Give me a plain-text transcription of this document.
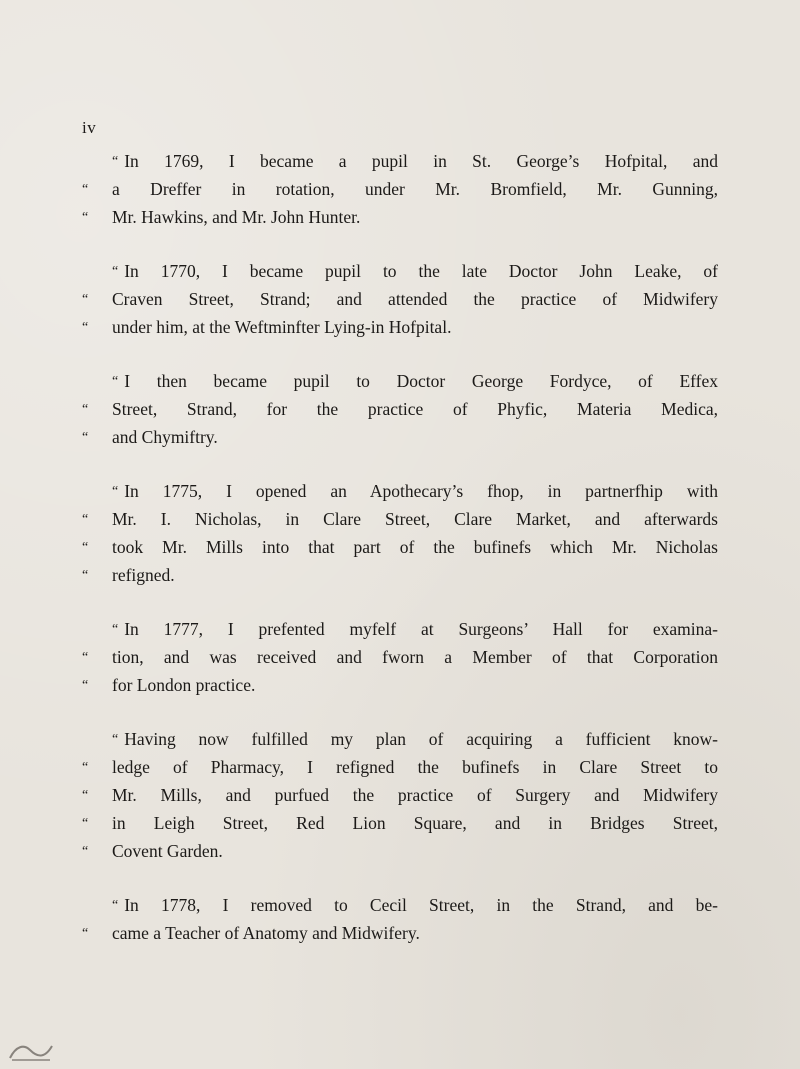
iv
“ In 1769, I became a pupil in St. George’s Hofpital, and
“	a Dreffer in rotation, under Mr. Bromfield, Mr. Gunning,
“	Mr. Hawkins, and Mr. John Hunter.
“ In 1770, I became pupil to the late Doctor John Leake, of
“	Craven Street, Strand; and attended the practice of Midwifery
“	under him, at the Weftminfter Lying-in Hofpital.
“ I then became pupil to Doctor George Fordyce, of Effex
“	Street, Strand, for the practice of Phyfic, Materia Medica,
“	and Chymiftry.
“ In 1775, I opened an Apothecary’s fhop, in partnerfhip with
“	Mr. I. Nicholas, in Clare Street, Clare Market, and afterwards
“	took Mr. Mills into that part of the bufinefs which Mr. Nicholas
“	refigned.
“ In 1777, I prefented myfelf at Surgeons’ Hall for examina-
“	tion, and was received and fworn a Member of that Corporation
“	for London practice.
“ Having now fulfilled my plan of acquiring a fufficient know-
“	ledge of Pharmacy, I refigned the bufinefs in Clare Street to
“	Mr. Mills, and purfued the practice of Surgery and Midwifery
“	in Leigh Street, Red Lion Square, and in Bridges Street,
“	Covent Garden.
“ In 1778, I removed to Cecil Street, in the Strand, and be-
“	came a Teacher of Anatomy and Midwifery.
